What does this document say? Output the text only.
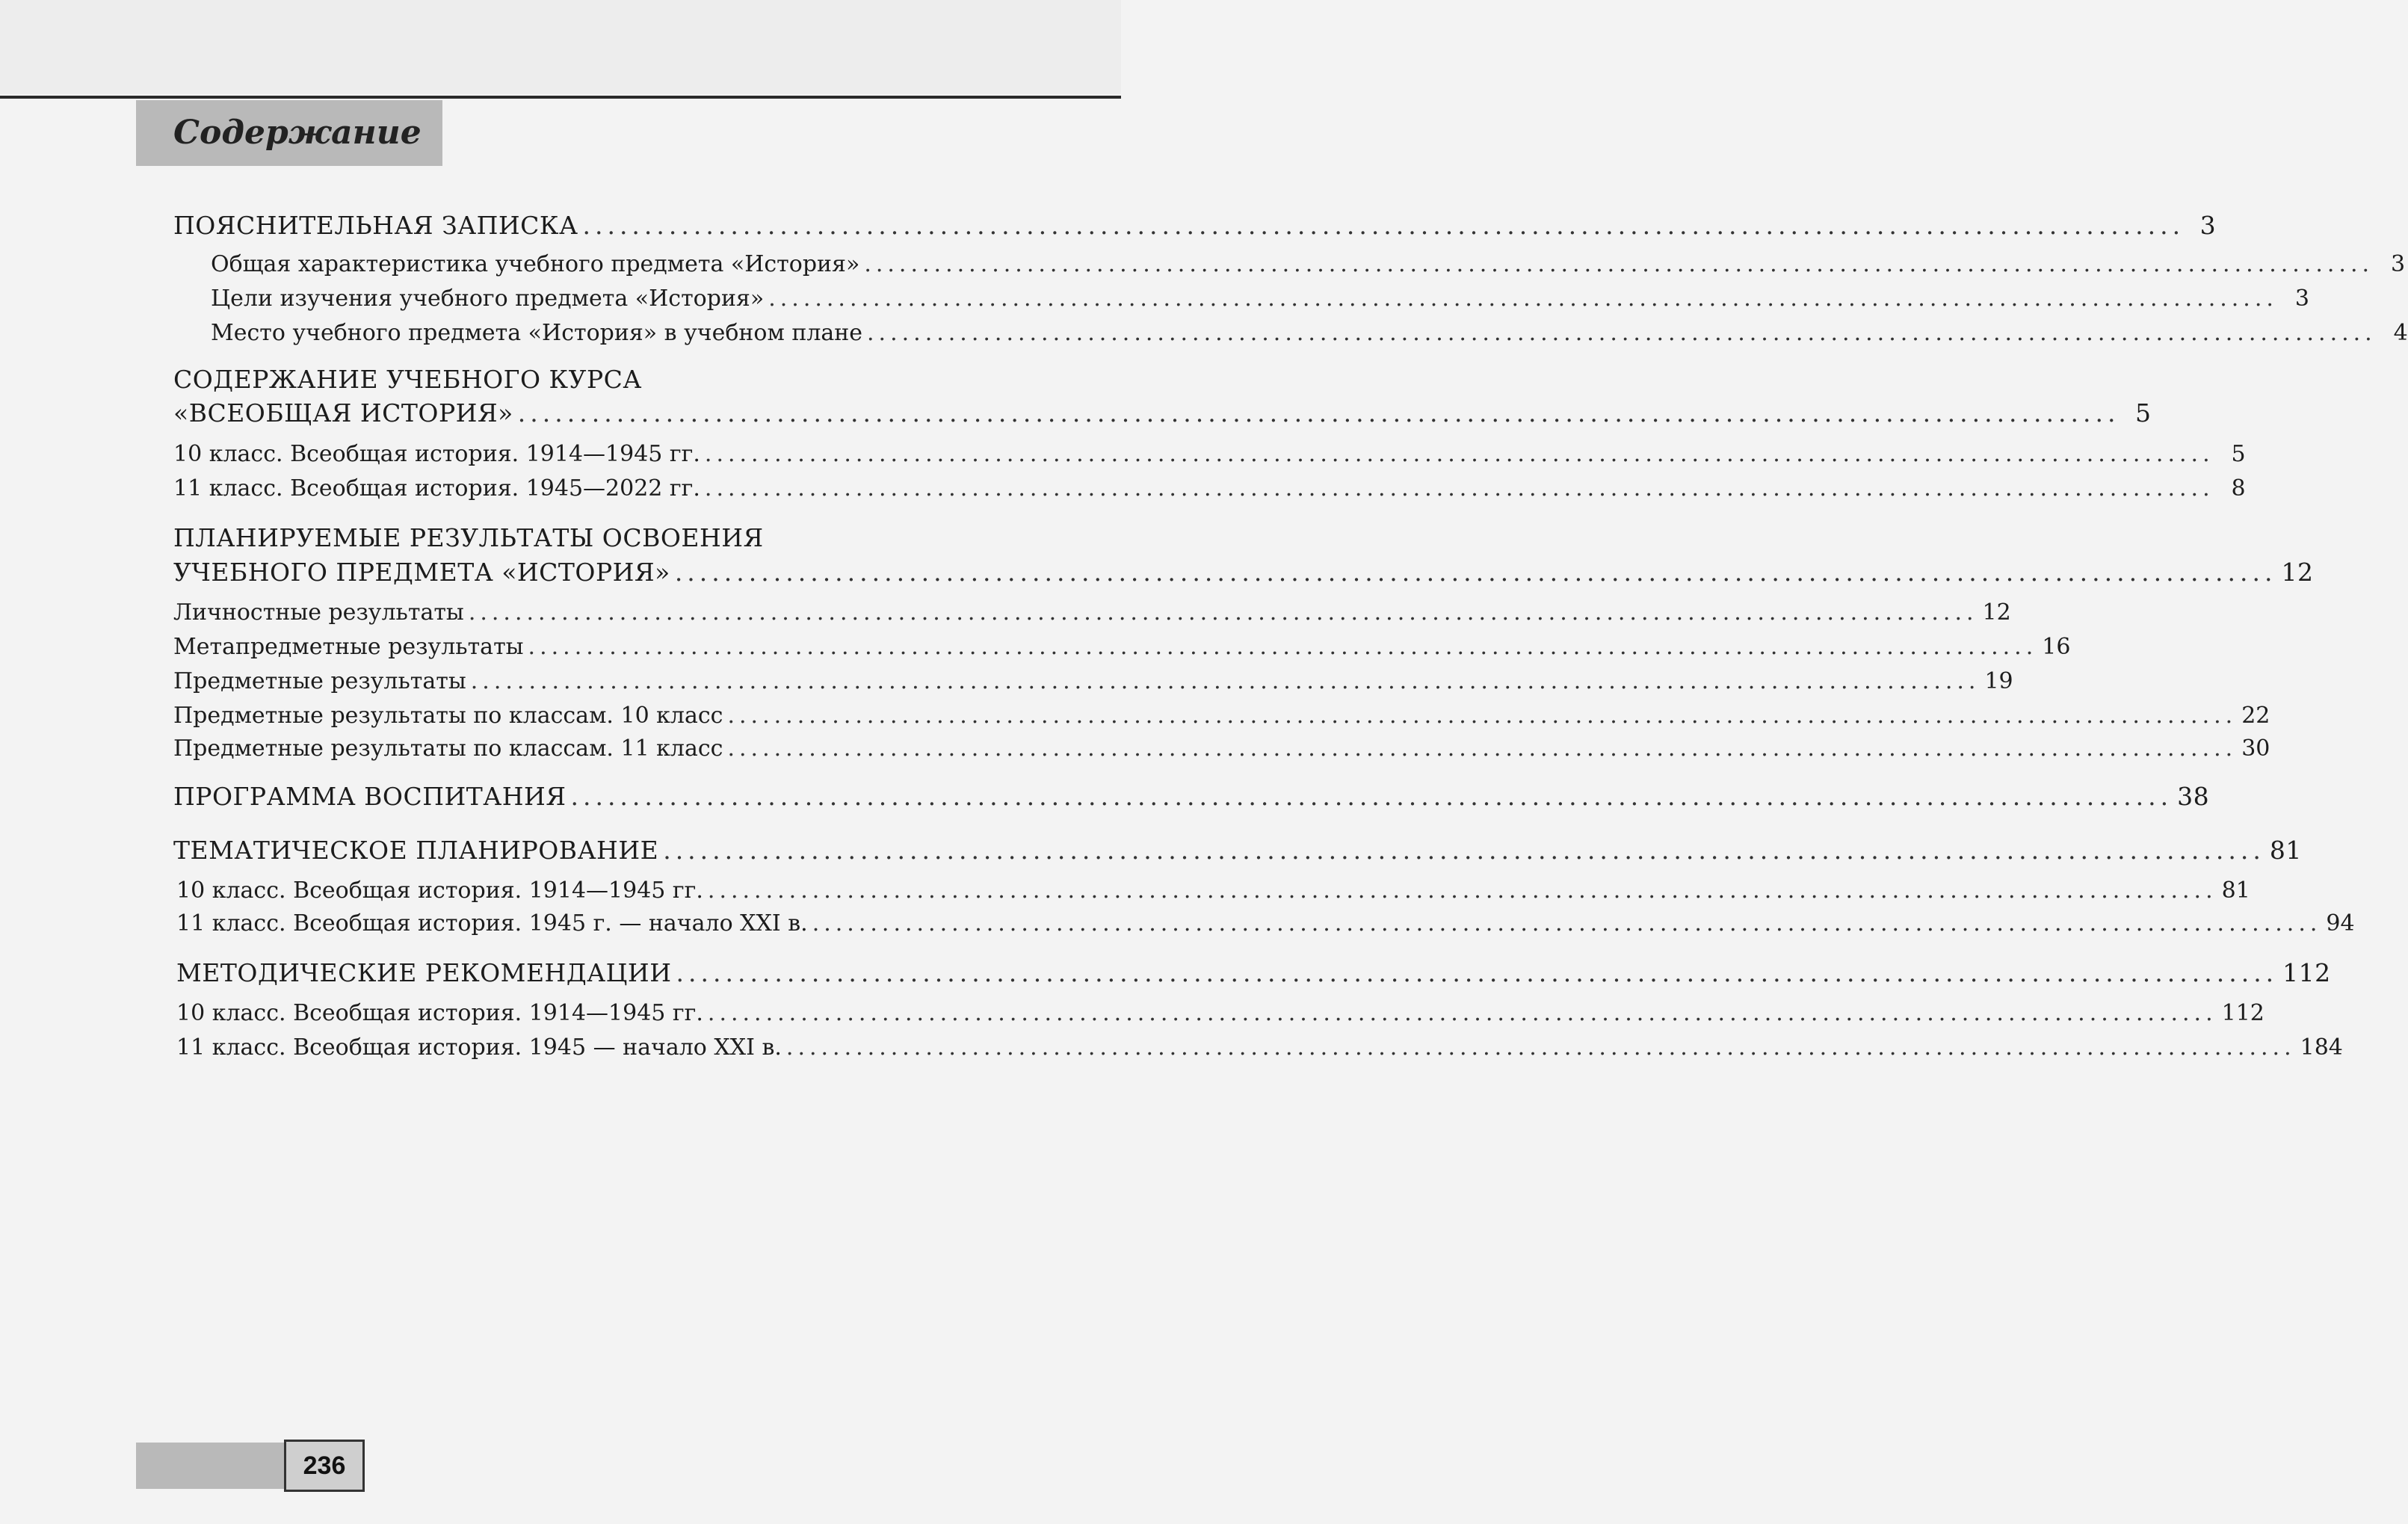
Содержание
ПОЯСНИТЕЛЬНАЯ ЗАПИСКА .................................................................................................................................. 3
Общая характеристика учебного предмета «История» .................................................................................................................................. 3
Цели изучения учебного предмета «История» .................................................................................................................................. 3
Место учебного предмета «История» в учебном плане .................................................................................................................................. 4
СОДЕРЖАНИЕ УЧЕБНОГО КУРСА
«ВСЕОБЩАЯ ИСТОРИЯ» .................................................................................................................................. 5
10 класс. Всеобщая история. 1914—1945 гг. .................................................................................................................................. 5
11 класс. Всеобщая история. 1945—2022 гг. .................................................................................................................................. 8
ПЛАНИРУЕМЫЕ РЕЗУЛЬТАТЫ ОСВОЕНИЯ
УЧЕБНОГО ПРЕДМЕТА «ИСТОРИЯ» .................................................................................................................................. 12
Личностные результаты .................................................................................................................................. 12
Метапредметные результаты .................................................................................................................................. 16
Предметные результаты .................................................................................................................................. 19
Предметные результаты по классам. 10 класс .................................................................................................................................. 22
Предметные результаты по классам. 11 класс .................................................................................................................................. 30
ПРОГРАММА ВОСПИТАНИЯ .................................................................................................................................. 38
ТЕМАТИЧЕСКОЕ ПЛАНИРОВАНИЕ .................................................................................................................................. 81
10 класс. Всеобщая история. 1914—1945 гг. .................................................................................................................................. 81
11 класс. Всеобщая история. 1945 г. — начало XXI в. .................................................................................................................................. 94
МЕТОДИЧЕСКИЕ РЕКОМЕНДАЦИИ .................................................................................................................................. 112
10 класс. Всеобщая история. 1914—1945 гг. .................................................................................................................................. 112
11 класс. Всеобщая история. 1945 — начало XXI в. .................................................................................................................................. 184
236
